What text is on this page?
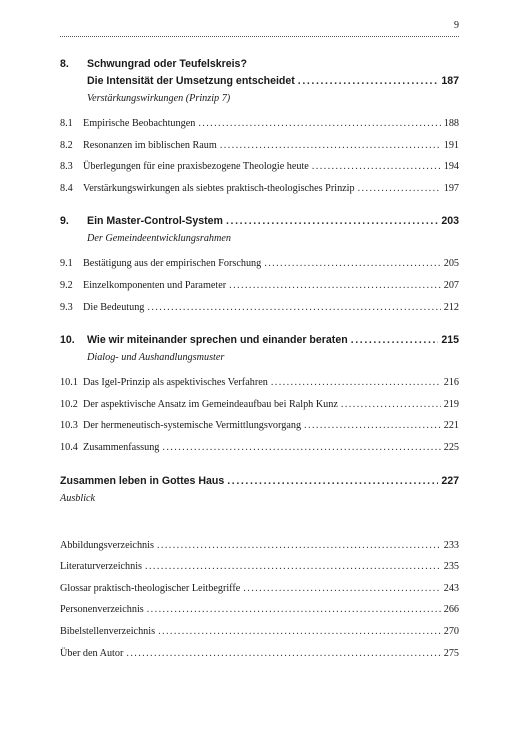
9
8.	Schwungrad oder Teufelskreis?
Die Intensität der Umsetzung entscheidet .....	187
Verstärkungswirkungen (Prinzip 7)
8.1	Empirische Beobachtungen .....	188
8.2	Resonanzen im biblischen Raum .....	191
8.3	Überlegungen für eine praxisbezogene Theologie heute .....	194
8.4	Verstärkungswirkungen als siebtes praktisch-theologisches Prinzip .....	197
9.	Ein Master-Control-System .....	203
Der Gemeindeentwicklungsrahmen
9.1	Bestätigung aus der empirischen Forschung .....	205
9.2	Einzelkomponenten und Parameter .....	207
9.3	Die Bedeutung .....	212
10.	Wie wir miteinander sprechen und einander beraten .....	215
Dialog- und Aushandlungsmuster
10.1 Das Igel-Prinzip als aspektivisches Verfahren .....	216
10.2 Der aspektivische Ansatz im Gemeindeaufbau bei Ralph Kunz .....	219
10.3 Der hermeneutisch-systemische Vermittlungsvorgang .....	221
10.4 Zusammenfassung .....	225
Zusammen leben in Gottes Haus .....	227
Ausblick
Abbildungsverzeichnis .....	233
Literaturverzeichnis .....	235
Glossar praktisch-theologischer Leitbegriffe .....	243
Personenverzeichnis .....	266
Bibelstellenverzeichnis .....	270
Über den Autor .....	275
